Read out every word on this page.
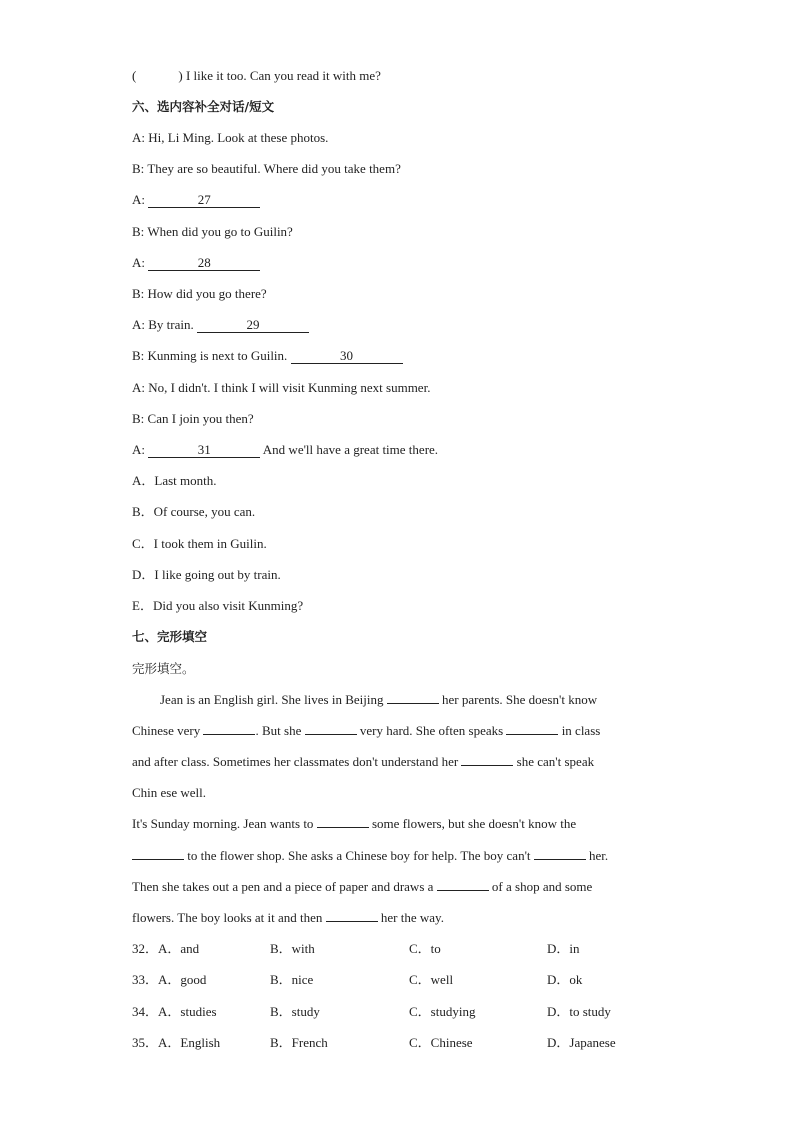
(	) I like it too. Can you read it with me?
六、选内容补全对话/短文
A: Hi, Li Ming. Look at these photos.
B: They are so beautiful. Where did you take them?
A:	27
B: When did you go to Guilin?
A:	28
B: How did you go there?
A: By train.	29
B: Kunming is next to Guilin.	30
A: No, I didn't. I think I will visit Kunming next summer.
B: Can I join you then?
A:	31	And we'll have a great time there.
A．Last month.
B．Of course, you can.
C．I took them in Guilin.
D．I like going out by train.
E．Did you also visit Kunming?
七、完形填空
完形填空。
Jean is an English girl. She lives in Beijing	her parents. She doesn't know
Chinese very	. But she	very hard. She often speaks	in class
and after class. Sometimes her classmates don't understand her	she can't speak
Chin ese well.
It's Sunday morning. Jean wants to	some flowers, but she doesn't know the
to the flower shop. She asks a Chinese boy for help. The boy can't	her.
Then she takes out a pen and a piece of paper and draws a	of a shop and some
flowers. The boy looks at it and then	her the way.
32．A．and	B．with	C．to	D．in
33．A．good	B．nice	C．well	D．ok
34．A．studies	B．study	C．studying	D．to study
35．A．English	B．French	C．Chinese	D．Japanese
